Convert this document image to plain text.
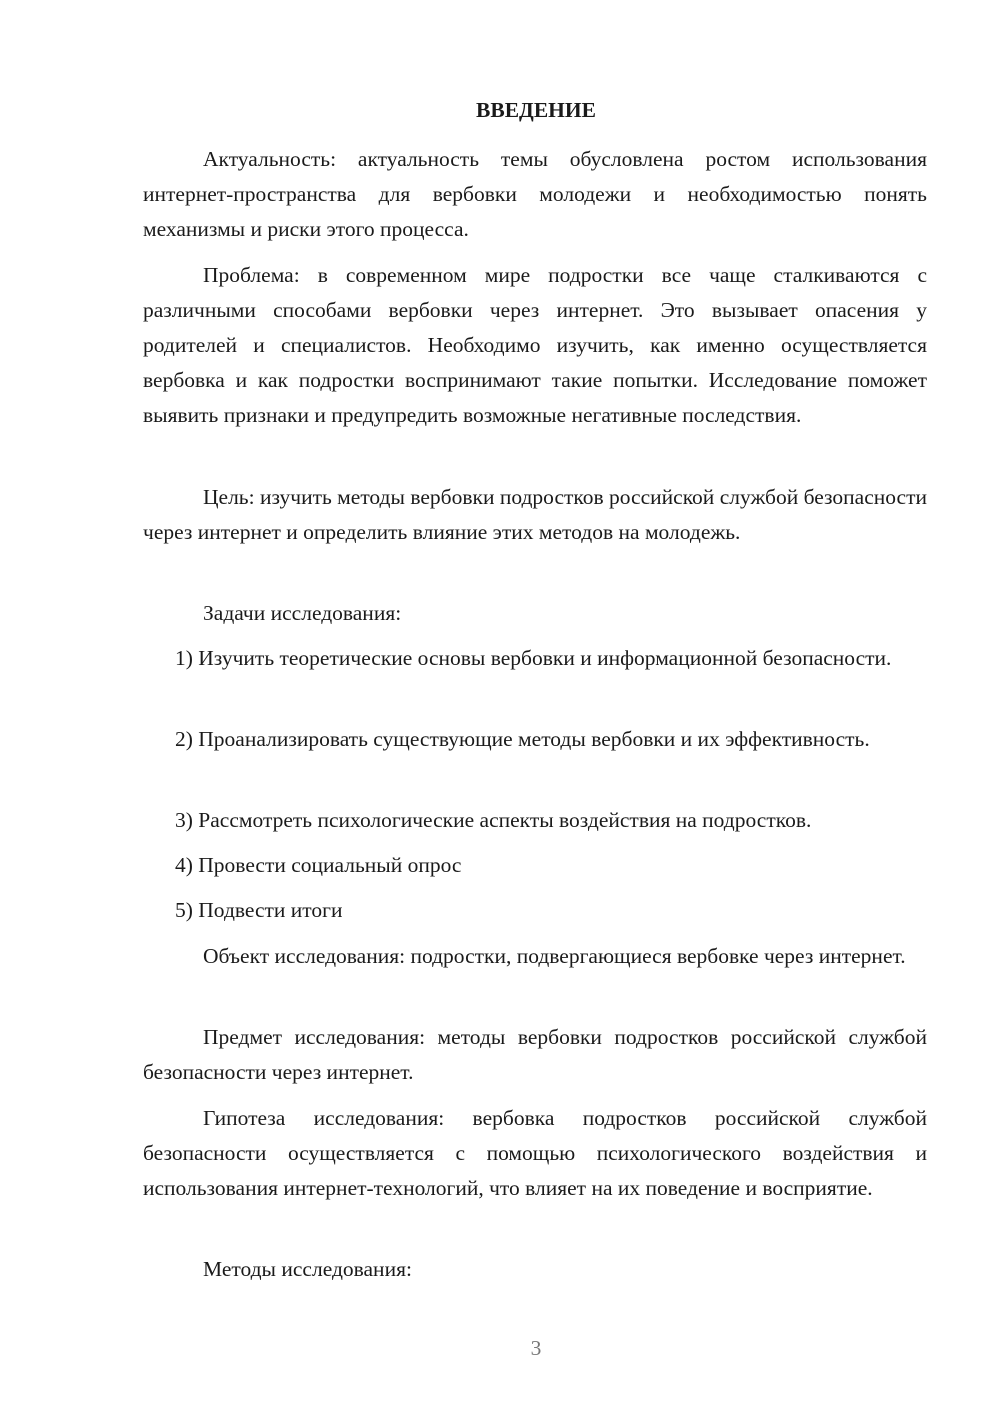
ВВЕДЕНИЕ

Актуальность: актуальность темы обусловлена ростом использования интернет-пространства для вербовки молодежи и необходимостью понять механизмы и риски этого процесса.

Проблема: в современном мире подростки все чаще сталкиваются с различными способами вербовки через интернет. Это вызывает опасения у родителей и специалистов. Необходимо изучить, как именно осуществляется вербовка и как подростки воспринимают такие попытки. Исследование поможет выявить признаки и предупредить возможные негативные последствия.

Цель: изучить методы вербовки подростков российской службой безопасности через интернет и определить влияние этих методов на молодежь.

Задачи исследования:

1) Изучить теоретические основы вербовки и информационной безопасности.

2) Проанализировать существующие методы вербовки и их эффективность.

3) Рассмотреть психологические аспекты воздействия на подростков.

4) Провести социальный опрос

5) Подвести итоги

Объект исследования: подростки, подвергающиеся вербовке через интернет.

Предмет исследования: методы вербовки подростков российской службой безопасности через интернет.

Гипотеза исследования: вербовка подростков российской службой безопасности осуществляется с помощью психологического воздействия и использования интернет-технологий, что влияет на их поведение и восприятие.

Методы исследования:

3
